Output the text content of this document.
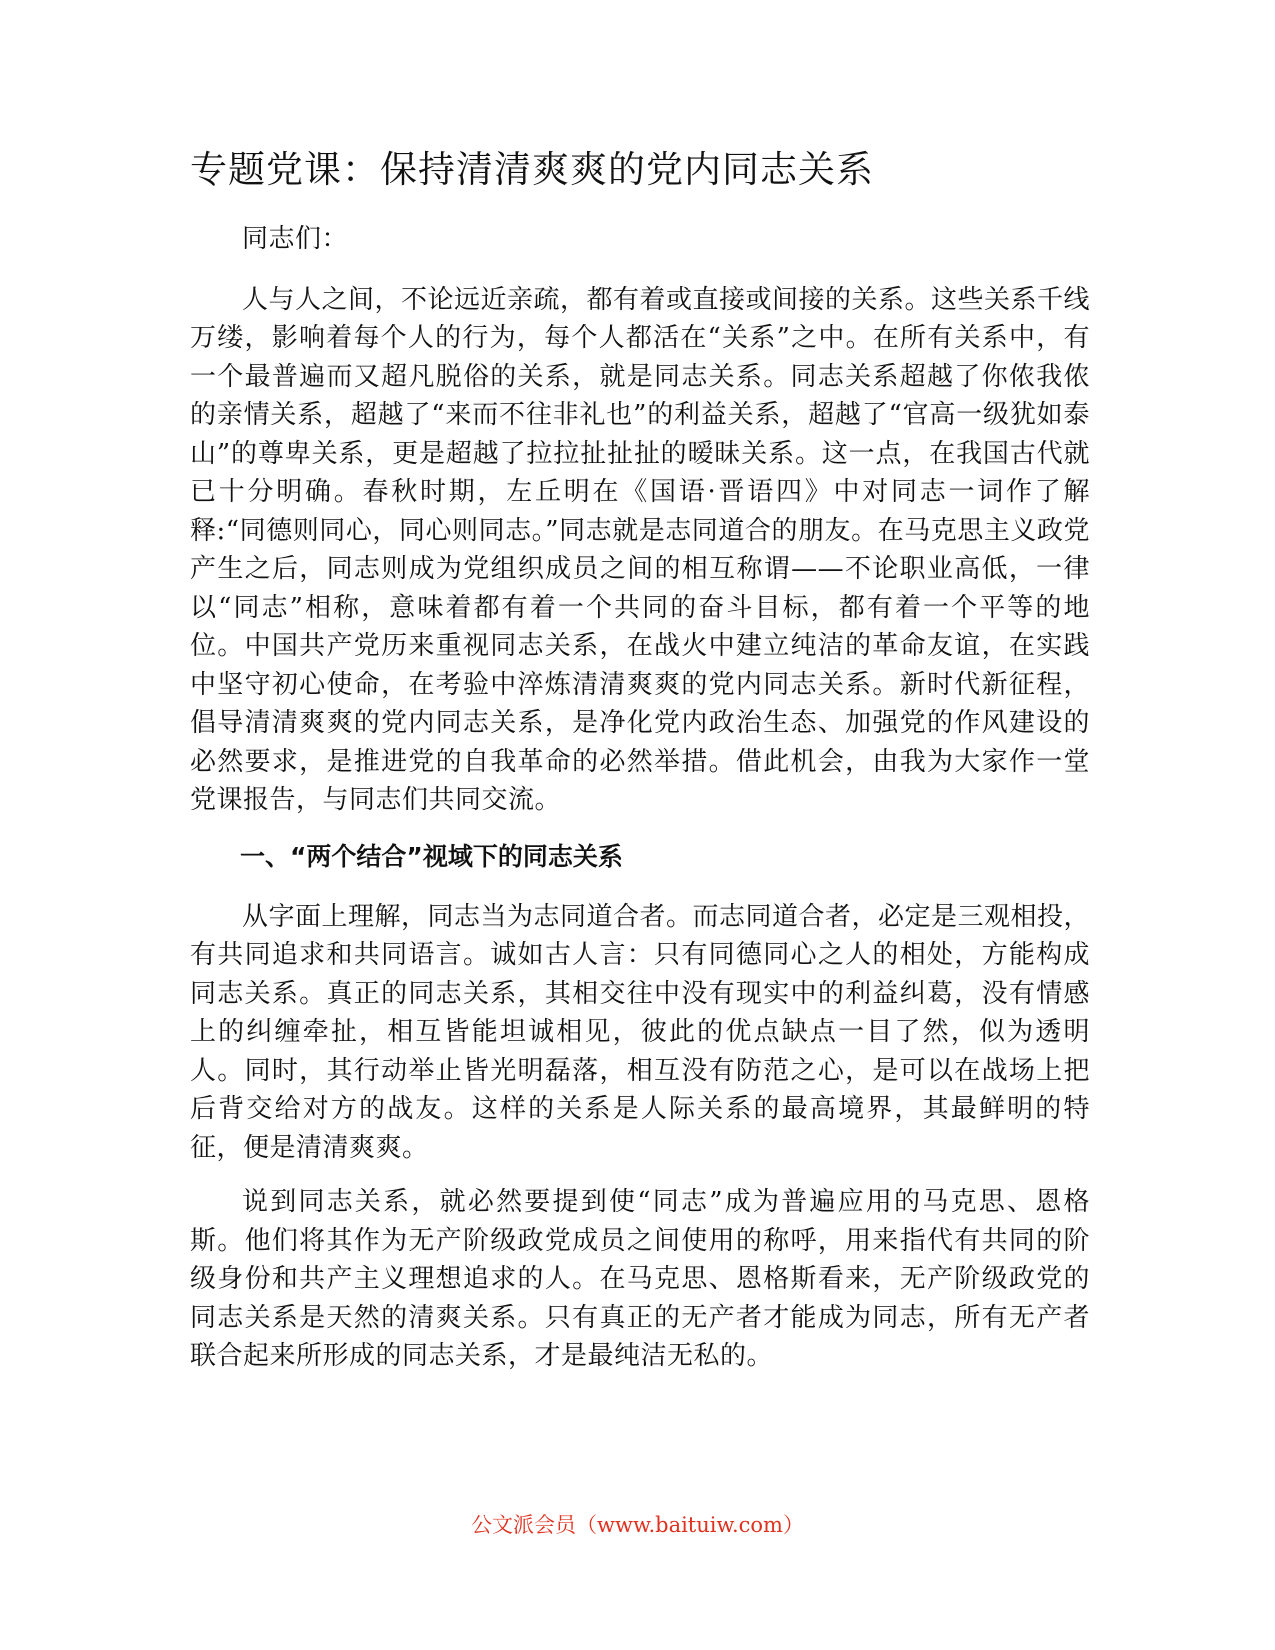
专题党课：保持清清爽爽的党内同志关系
同志们：
人与人之间，不论远近亲疏，都有着或直接或间接的关系。这些关系千线万缕，影响着每个人的行为，每个人都活在“关系”之中。在所有关系中，有一个最普遍而又超凡脱俗的关系，就是同志关系。同志关系超越了你侬我侬的亲情关系，超越了“来而不往非礼也”的利益关系，超越了“官高一级犹如泰山”的尊卑关系，更是超越了拉拉扯扯扯的暧昧关系。这一点，在我国古代就已十分明确。春秋时期，左丘明在《国语·晋语四》中对同志一词作了解释:“同德则同心，同心则同志。”同志就是志同道合的朋友。在马克思主义政党产生之后，同志则成为党组织成员之间的相互称谓——不论职业高低，一律以“同志”相称，意味着都有着一个共同的奋斗目标，都有着一个平等的地位。中国共产党历来重视同志关系，在战火中建立纯洁的革命友谊，在实践中坚守初心使命，在考验中淬炼清清爽爽的党内同志关系。新时代新征程，倡导清清爽爽的党内同志关系，是净化党内政治生态、加强党的作风建设的必然要求，是推进党的自我革命的必然举措。借此机会，由我为大家作一堂党课报告，与同志们共同交流。
一、“两个结合”视域下的同志关系
从字面上理解，同志当为志同道合者。而志同道合者，必定是三观相投，有共同追求和共同语言。诚如古人言：只有同德同心之人的相处，方能构成同志关系。真正的同志关系，其相交往中没有现实中的利益纠葛，没有情感上的纠缠牵扯，相互皆能坦诚相见，彼此的优点缺点一目了然，似为透明人。同时，其行动举止皆光明磊落，相互没有防范之心，是可以在战场上把后背交给对方的战友。这样的关系是人际关系的最高境界，其最鲜明的特征，便是清清爽爽。
说到同志关系，就必然要提到使“同志”成为普遍应用的马克思、恩格斯。他们将其作为无产阶级政党成员之间使用的称呼，用来指代有共同的阶级身份和共产主义理想追求的人。在马克思、恩格斯看来，无产阶级政党的同志关系是天然的清爽关系。只有真正的无产者才能成为同志，所有无产者联合起来所形成的同志关系，才是最纯洁无私的。
公文派会员（www.baituiw.com）
